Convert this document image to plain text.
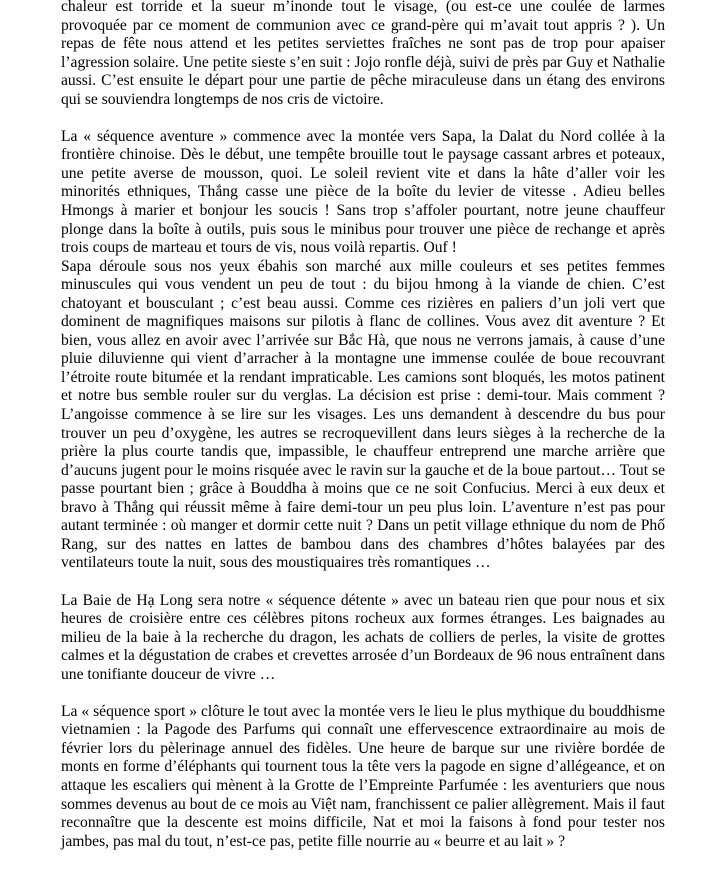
chaleur est torride et la sueur m’inonde tout le visage, (ou est-ce une coulée de larmes provoquée par ce moment de communion avec ce grand-père qui m’avait tout appris ? ). Un repas de fête nous attend et les petites serviettes fraîches ne sont pas de trop pour apaiser l’agression solaire. Une petite sieste s’en suit : Jojo ronfle déjà, suivi de près par Guy et Nathalie aussi. C’est ensuite le départ pour une partie de pêche miraculeuse dans un étang des environs qui se souviendra longtemps de nos cris de victoire.

La « séquence aventure » commence avec la montée vers Sapa, la Dalat du Nord collée à la frontière chinoise. Dès le début, une tempête brouille tout le paysage cassant arbres et poteaux, une petite averse de mousson, quoi. Le soleil revient vite et dans la hâte d’aller voir les minorités ethniques, Thắng casse une pièce de la boîte du levier de vitesse . Adieu belles Hmongs à marier et bonjour les soucis ! Sans trop s’affoler pourtant, notre jeune chauffeur plonge dans la boîte à outils, puis sous le minibus pour trouver une pièce de rechange et après trois coups de marteau et tours de vis, nous voilà repartis. Ouf !

Sapa déroule sous nos yeux ébahis son marché aux mille couleurs et ses petites femmes minuscules qui vous vendent un peu de tout : du bijou hmong à la viande de chien. C’est chatoyant et bousculant ; c’est beau aussi. Comme ces rizières en paliers d’un joli vert que dominent de magnifiques maisons sur pilotis à flanc de collines. Vous avez dit aventure ? Et bien, vous allez en avoir avec l’arrivée sur Bắc Hà, que nous ne verrons jamais, à cause d’une pluie diluvienne qui vient d’arracher à la montagne une immense coulée de boue recouvrant l’étroite route bitumée et la rendant impraticable. Les camions sont bloqués, les motos patinent et notre bus semble rouler sur du verglas. La décision est prise : demi-tour. Mais comment ? L’angoisse commence à se lire sur les visages. Les uns demandent à descendre du bus pour trouver un peu d’oxygène, les autres se recroquevillent dans leurs sièges à la recherche de la prière la plus courte tandis que, impassible, le chauffeur entreprend une marche arrière que d’aucuns jugent pour le moins risquée avec le ravin sur la gauche et de la boue partout… Tout se passe pourtant bien ; grâce à Bouddha à moins que ce ne soit Confucius. Merci à eux deux et bravo à Thắng qui réussit même à faire demi-tour un peu plus loin. L’aventure n’est pas pour autant terminée : où manger et dormir cette nuit ? Dans un petit village ethnique du nom de Phố Rang, sur des nattes en lattes de bambou dans des chambres d’hôtes balayées par des ventilateurs toute la nuit, sous des moustiquaires très romantiques …

La Baie de Hạ Long sera notre « séquence détente » avec un bateau rien que pour nous et six heures de croisière entre ces célèbres pitons rocheux aux formes étranges. Les baignades au milieu de la baie à la recherche du dragon, les achats de colliers de perles, la visite de grottes calmes et la dégustation de crabes et crevettes arrosée d’un Bordeaux de 96 nous entraînent dans une tonifiante douceur de vivre …

La « séquence sport » clôture le tout avec la montée vers le lieu le plus mythique du bouddhisme vietnamien : la Pagode des Parfums qui connaît une effervescence extraordinaire au mois de février lors du pèlerinage annuel des fidèles. Une heure de barque sur une rivière bordée de monts en forme d’éléphants qui tournent tous la tête vers la pagode en signe d’allégeance, et on attaque les escaliers qui mènent à la Grotte de l’Empreinte Parfumée : les aventuriers que nous sommes devenus au bout de ce mois au Việt nam, franchissent ce palier allègrement. Mais il faut reconnaître que la descente est moins difficile, Nat et moi la faisons à fond pour tester nos jambes, pas mal du tout, n’est-ce pas, petite fille nourrie au « beurre et au lait » ?
